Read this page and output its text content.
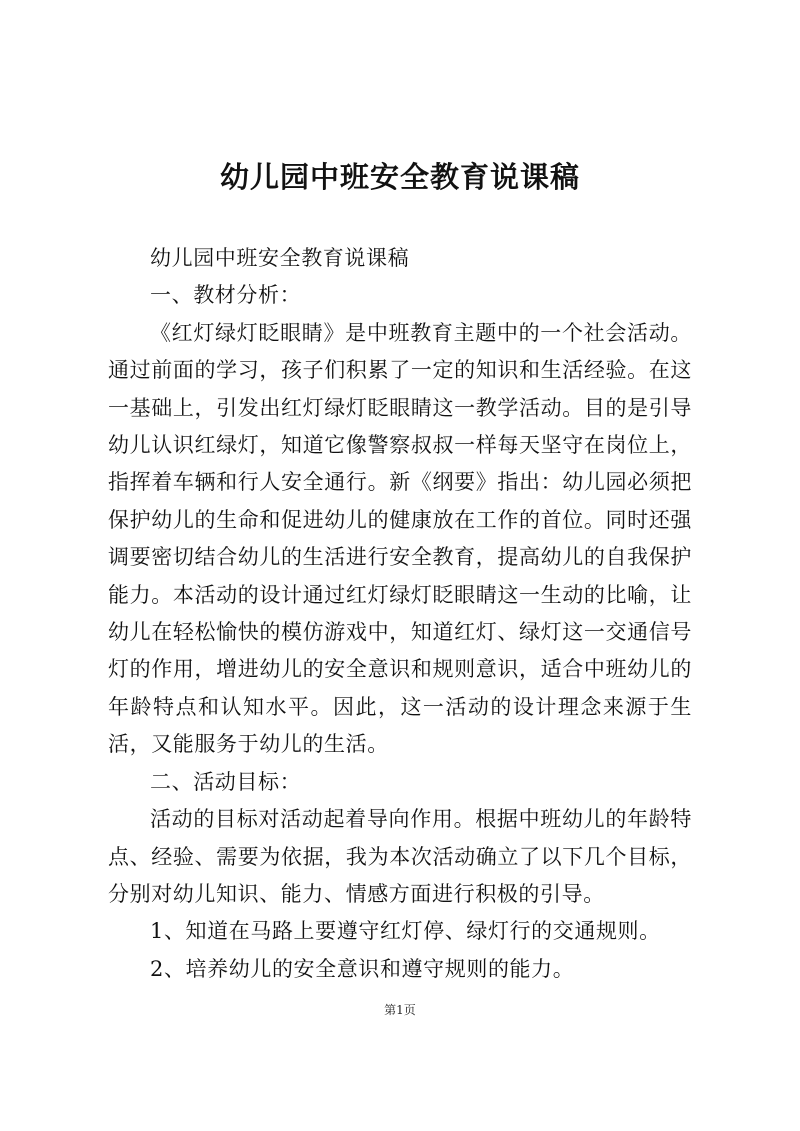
幼儿园中班安全教育说课稿

幼儿园中班安全教育说课稿

一、教材分析：

《红灯绿灯眨眼睛》是中班教育主题中的一个社会活动。通过前面的学习，孩子们积累了一定的知识和生活经验。在这一基础上，引发出红灯绿灯眨眼睛这一教学活动。目的是引导幼儿认识红绿灯，知道它像警察叔叔一样每天坚守在岗位上，指挥着车辆和行人安全通行。新《纲要》指出：幼儿园必须把保护幼儿的生命和促进幼儿的健康放在工作的首位。同时还强调要密切结合幼儿的生活进行安全教育，提高幼儿的自我保护能力。本活动的设计通过红灯绿灯眨眼睛这一生动的比喻，让幼儿在轻松愉快的模仿游戏中，知道红灯、绿灯这一交通信号灯的作用，增进幼儿的安全意识和规则意识，适合中班幼儿的年龄特点和认知水平。因此，这一活动的设计理念来源于生活，又能服务于幼儿的生活。

二、活动目标：

活动的目标对活动起着导向作用。根据中班幼儿的年龄特点、经验、需要为依据，我为本次活动确立了以下几个目标，分别对幼儿知识、能力、情感方面进行积极的引导。

1、知道在马路上要遵守红灯停、绿灯行的交通规则。

2、培养幼儿的安全意识和遵守规则的能力。

第1页
